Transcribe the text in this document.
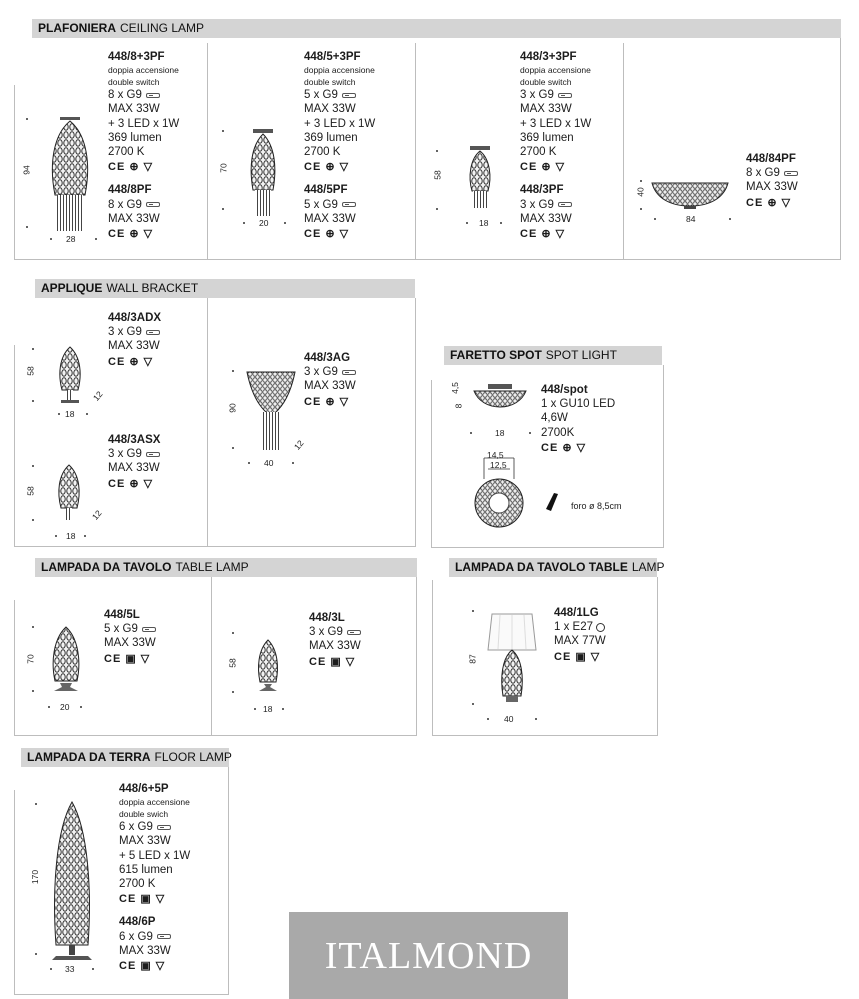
PLAFONIERA CEILING LAMP
94
28
448/8+3PF
doppia accensione
double switch
8 x G9
MAX 33W
+ 3 LED x 1W
369 lumen
2700 K
CE ⊕ ▽
448/8PF
8 x G9
MAX 33W
CE ⊕ ▽
70
20
448/5+3PF
doppia accensione
double switch
5 x G9
MAX 33W
+ 3 LED x 1W
369 lumen
2700 K
CE ⊕ ▽
448/5PF
5 x G9
MAX 33W
CE ⊕ ▽
58
18
448/3+3PF
doppia accensione
double switch
3 x G9
MAX 33W
+ 3 LED x 1W
369 lumen
2700 K
CE ⊕ ▽
448/3PF
3 x G9
MAX 33W
CE ⊕ ▽
40
84
448/84PF
8 x G9
MAX 33W
CE ⊕ ▽
APPLIQUE WALL BRACKET
58
18
12
448/3ADX
3 x G9
MAX 33W
CE ⊕ ▽
58
18
12
448/3ASX
3 x G9
MAX 33W
CE ⊕ ▽
90
40
12
448/3AG
3 x G9
MAX 33W
CE ⊕ ▽
FARETTO SPOT SPOT LIGHT
4,5
8
18
14,5
12,5
448/spot
1 x GU10 LED
4,6W
2700K
CE ⊕ ▽
foro ø 8,5cm
LAMPADA DA TAVOLO TABLE LAMP
70
20
448/5L
5 x G9
MAX 33W
CE ▣ ▽	58
18
448/3L
3 x G9
MAX 33W
CE ▣ ▽
LAMPADA DA TAVOLO TABLE LAMP
87
40
448/1LG
1 x E27
MAX 77W
CE ▣ ▽
LAMPADA DA TERRA FLOOR LAMP
170
33
448/6+5P
doppia accensione
double swich
6 x G9
MAX 33W
+ 5 LED x 1W
615 lumen
2700 K
CE ▣ ▽
448/6P
6 x G9
MAX 33W
CE ▣ ▽	ITALMOND
